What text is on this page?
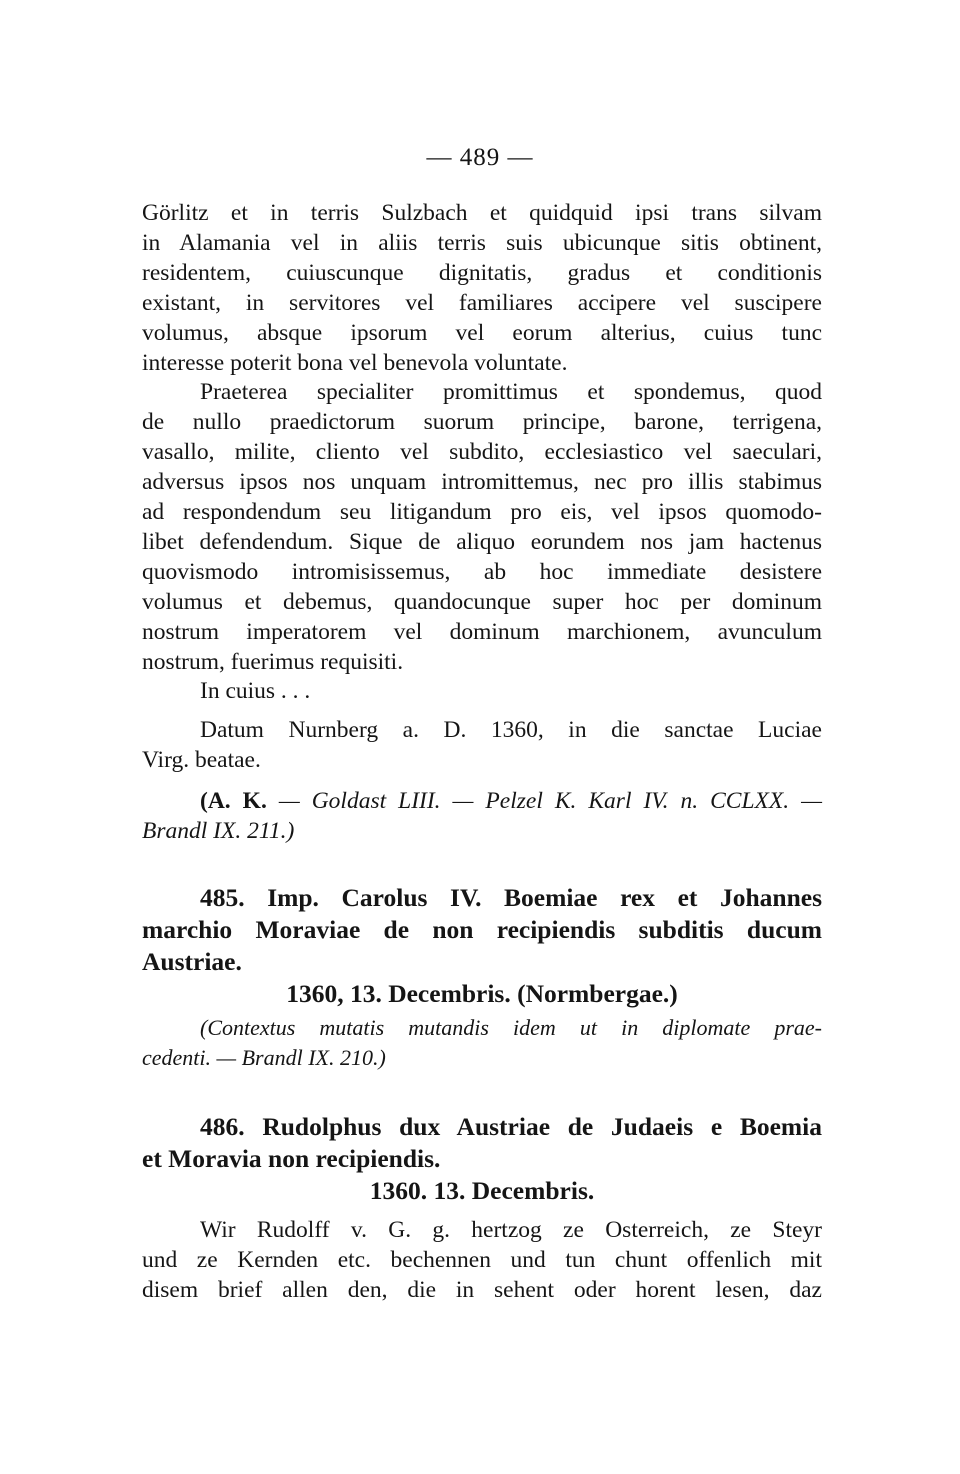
— 489 —
Görlitz et in terris Sulzbach et quidquid ipsi trans silvam
in Alamania vel in aliis terris suis ubicunque sitis obtinent,
residentem, cuiuscunque dignitatis, gradus et conditionis
existant, in servitores vel familiares accipere vel suscipere
volumus, absque ipsorum vel eorum alterius, cuius tunc
interesse poterit bona vel benevola voluntate.
Praeterea specialiter promittimus et spondemus, quod
de nullo praedictorum suorum principe, barone, terrigena,
vasallo, milite, cliento vel subdito, ecclesiastico vel saeculari,
adversus ipsos nos unquam intromittemus, nec pro illis stabimus
ad respondendum seu litigandum pro eis, vel ipsos quomodo-
libet defendendum. Sique de aliquo eorundem nos jam hactenus
quovismodo intromisissemus, ab hoc immediate desistere
volumus et debemus, quandocunque super hoc per dominum
nostrum imperatorem vel dominum marchionem, avunculum
nostrum, fuerimus requisiti.
In cuius . . .
Datum Nurnberg a. D. 1360, in die sanctae Luciae
Virg. beatae.
(A. K. — Goldast LIII. — Pelzel K. Karl IV. n. CCLXX. —
Brandl IX. 211.)
485. Imp. Carolus IV. Boemiae rex et Johannes
marchio Moraviae de non recipiendis subditis ducum
Austriae.
1360, 13. Decembris. (Normbergae.)
(Contextus mutatis mutandis idem ut in diplomate prae-
cedenti. — Brandl IX. 210.)
486. Rudolphus dux Austriae de Judaeis e Boemia
et Moravia non recipiendis.
1360. 13. Decembris.
Wir Rudolff v. G. g. hertzog ze Osterreich, ze Steyr
und ze Kernden etc. bechennen und tun chunt offenlich mit
disem brief allen den, die in sehent oder horent lesen, daz
